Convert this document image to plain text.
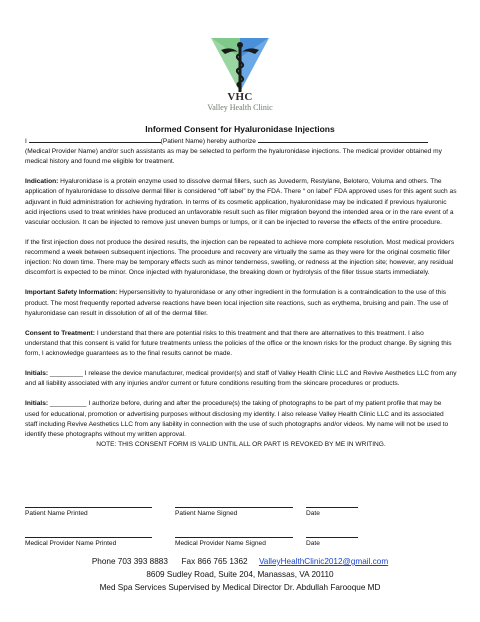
VHC
Valley Health Clinic
Informed Consent for Hyaluronidase Injections

I	(Patient Name) hereby authorize
(Medical Provider Name) and/or such assistants as may be selected to perform the hyaluronidase injections. The medical provider obtained my medical history and found me eligible for treatment.

Indication: Hyaluronidase is a protein enzyme used to dissolve dermal fillers, such as Juvederm, Restylane, Belotero, Voluma and others. The application of hyaluronidase to dissolve dermal filler is considered “off label” by the FDA. There “ on label” FDA approved uses for this agent such as adjuvant in fluid administration for achieving hydration. In terms of its cosmetic application, hyaluronidase may be indicated if previous hyaluronic acid injections used to treat wrinkles have produced an unfavorable result such as filler migration beyond the intended area or in the rare event of a vascular occlusion. It can be injected to remove just uneven bumps or lumps, or it can be injected to reverse the effects of the entire procedure.

If the first injection does not produce the desired results, the injection can be repeated to achieve more complete resolution. Most medical providers recommend a week between subsequent injections. The procedure and recovery are virtually the same as they were for the original cosmetic filler injection: No down time. There may be temporary effects such as minor tenderness, swelling, or redness at the injection site; however, any residual discomfort is expected to be minor. Once injected with hyaluronidase, the breaking down or hydrolysis of the filler tissue starts immediately.

Important Safety Information: Hypersensitivity to hyaluronidase or any other ingredient in the formulation is a contraindication to the use of this product. The most frequently reported adverse reactions have been local injection site reactions, such as erythema, bruising and pain. The use of hyaluronidase can result in dissolution of all of the dermal filler.

Consent to Treatment: I understand that there are potential risks to this treatment and that there are alternatives to this treatment. I also understand that this consent is valid for future treatments unless the policies of the office or the known risks for the product change. By signing this form, I acknowledge guarantees as to the final results cannot be made.

Initials: _________ I release the device manufacturer, medical provider(s) and staff of Valley Health Clinic LLC and Revive Aesthetics LLC from any and all liability associated with any injuries and/or current or future conditions resulting from the skincare procedures or products.

Initials: __________ I authorize before, during and after the procedure(s) the taking of photographs to be part of my patient profile that may be used for educational, promotion or advertising purposes without disclosing my identity. I also release Valley Health Clinic LLC and its associated staff including Revive Aesthetics LLC from any liability in connection with the use of such photographs and/or videos. My name will not be used to identify these photographs without my written approval.

NOTE: THIS CONSENT FORM IS VALID UNTIL ALL OR PART IS REVOKED BY ME IN WRITING.

Patient Name Printed	Patient Name Signed	Date
Medical Provider Name Printed	Medical Provider Name Signed	Date
Phone 703 393 8883 Fax 866 765 1362 ValleyHealthClinic2012@gmail.com
8609 Sudley Road, Suite 204, Manassas, VA 20110
Med Spa Services Supervised by Medical Director Dr. Abdullah Farooque MD
